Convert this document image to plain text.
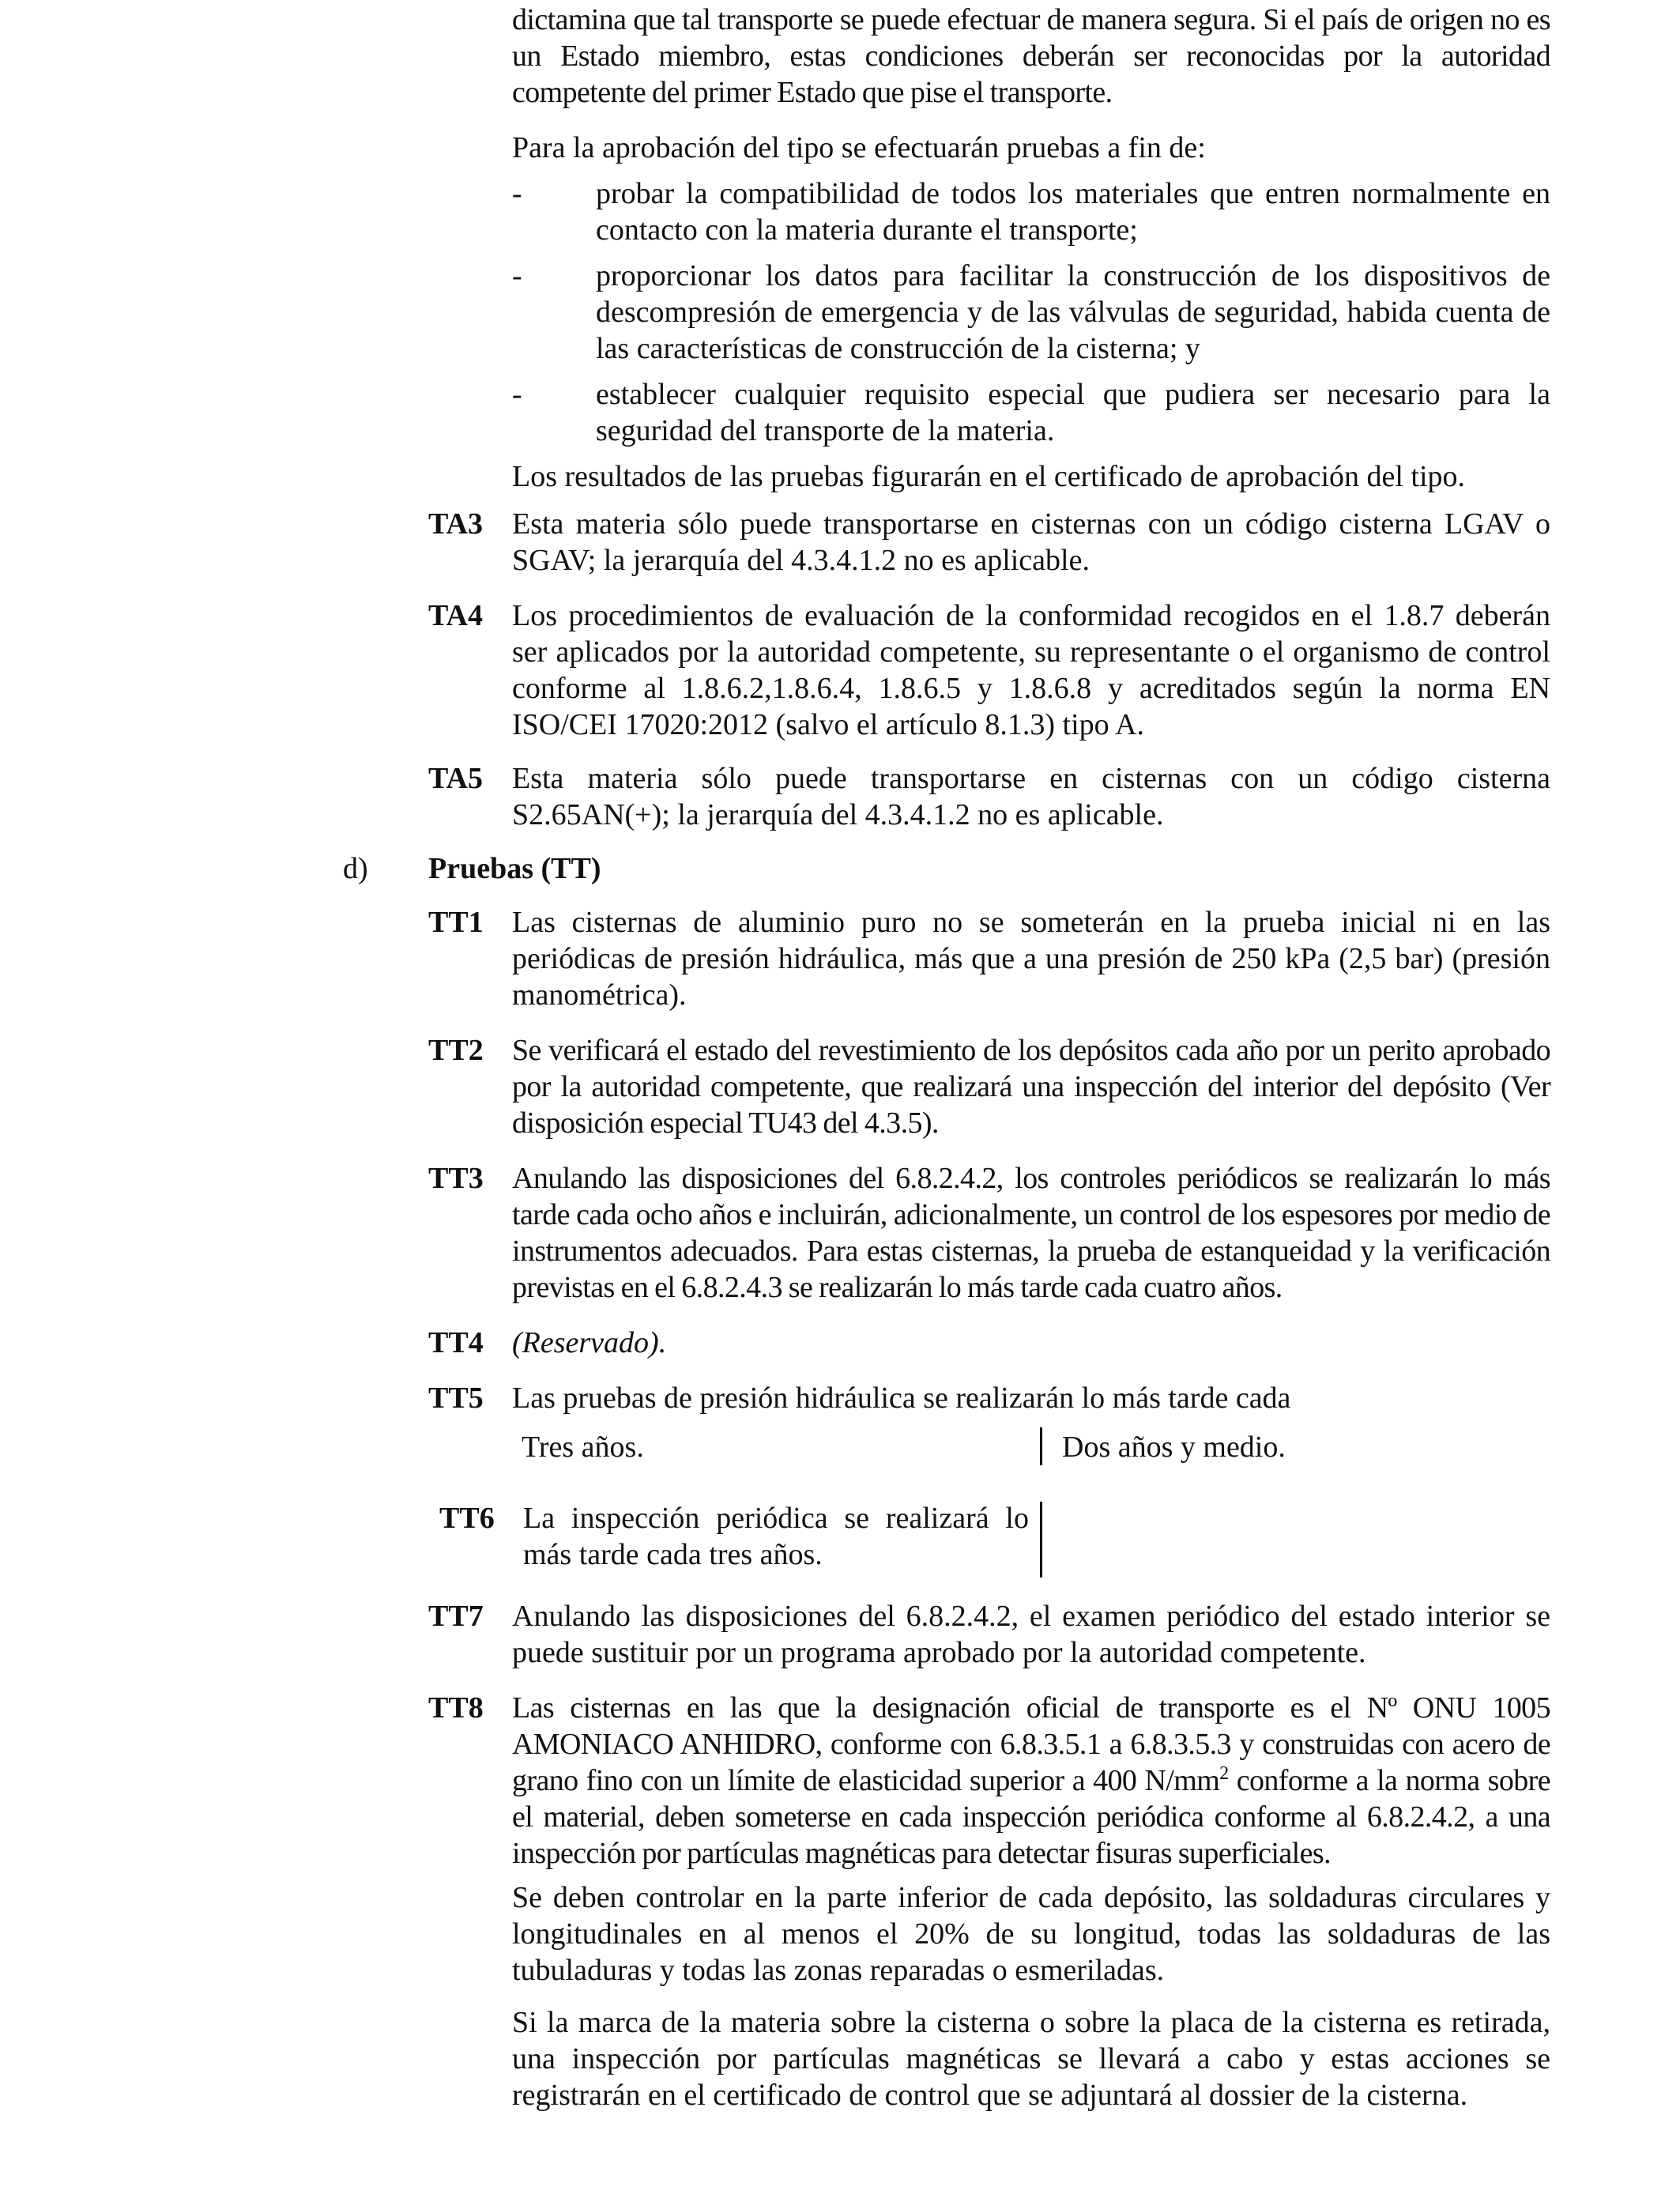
dictamina que tal transporte se puede efectuar de manera segura. Si el país de origen no es un Estado miembro, estas condiciones deberán ser reconocidas por la autoridad competente del primer Estado que pise el transporte.

Para la aprobación del tipo se efectuarán pruebas a fin de:

-	probar la compatibilidad de todos los materiales que entren normalmente en contacto con la materia durante el transporte;

-	proporcionar los datos para facilitar la construcción de los dispositivos de descompresión de emergencia y de las válvulas de seguridad, habida cuenta de las características de construcción de la cisterna; y

-	establecer cualquier requisito especial que pudiera ser necesario para la seguridad del transporte de la materia.

Los resultados de las pruebas figurarán en el certificado de aprobación del tipo.

TA3 Esta materia sólo puede transportarse en cisternas con un código cisterna LGAV o SGAV; la jerarquía del 4.3.4.1.2 no es aplicable.

TA4 Los procedimientos de evaluación de la conformidad recogidos en el 1.8.7 deberán ser aplicados por la autoridad competente, su representante o el organismo de control conforme al 1.8.6.2,1.8.6.4, 1.8.6.5 y 1.8.6.8 y acreditados según la norma EN ISO/CEI 17020:2012 (salvo el artículo 8.1.3) tipo A.

TA5 Esta materia sólo puede transportarse en cisternas con un código cisterna S2.65AN(+); la jerarquía del 4.3.4.1.2 no es aplicable.

d) Pruebas (TT)
TT1 Las cisternas de aluminio puro no se someterán en la prueba inicial ni en las periódicas de presión hidráulica, más que a una presión de 250 kPa (2,5 bar) (presión manométrica).

TT2 Se verificará el estado del revestimiento de los depósitos cada año por un perito aprobado por la autoridad competente, que realizará una inspección del interior del depósito (Ver disposición especial TU43 del 4.3.5).

TT3 Anulando las disposiciones del 6.8.2.4.2, los controles periódicos se realizarán lo más tarde cada ocho años e incluirán, adicionalmente, un control de los espesores por medio de instrumentos adecuados. Para estas cisternas, la prueba de estanqueidad y la verificación previstas en el 6.8.2.4.3 se realizarán lo más tarde cada cuatro años.

TT4 (Reservado).

TT5 Las pruebas de presión hidráulica se realizarán lo más tarde cada

Tres años.	Dos años y medio.
TT6 La inspección periódica se realizará lo más tarde cada tres años.

TT7 Anulando las disposiciones del 6.8.2.4.2, el examen periódico del estado interior se puede sustituir por un programa aprobado por la autoridad competente.

TT8 Las cisternas en las que la designación oficial de transporte es el Nº ONU 1005 AMONIACO ANHIDRO, conforme con 6.8.3.5.1 a 6.8.3.5.3 y construidas con acero de grano fino con un límite de elasticidad superior a 400 $N/mm^2$ conforme a la norma sobre el material, deben someterse en cada inspección periódica conforme al 6.8.2.4.2, a una inspección por partículas magnéticas para detectar fisuras superficiales.

Se deben controlar en la parte inferior de cada depósito, las soldaduras circulares y longitudinales en al menos el 20% de su longitud, todas las soldaduras de las tubuladuras y todas las zonas reparadas o esmeriladas.

Si la marca de la materia sobre la cisterna o sobre la placa de la cisterna es retirada, una inspección por partículas magnéticas se llevará a cabo y estas acciones se registrarán en el certificado de control que se adjuntará al dossier de la cisterna.
